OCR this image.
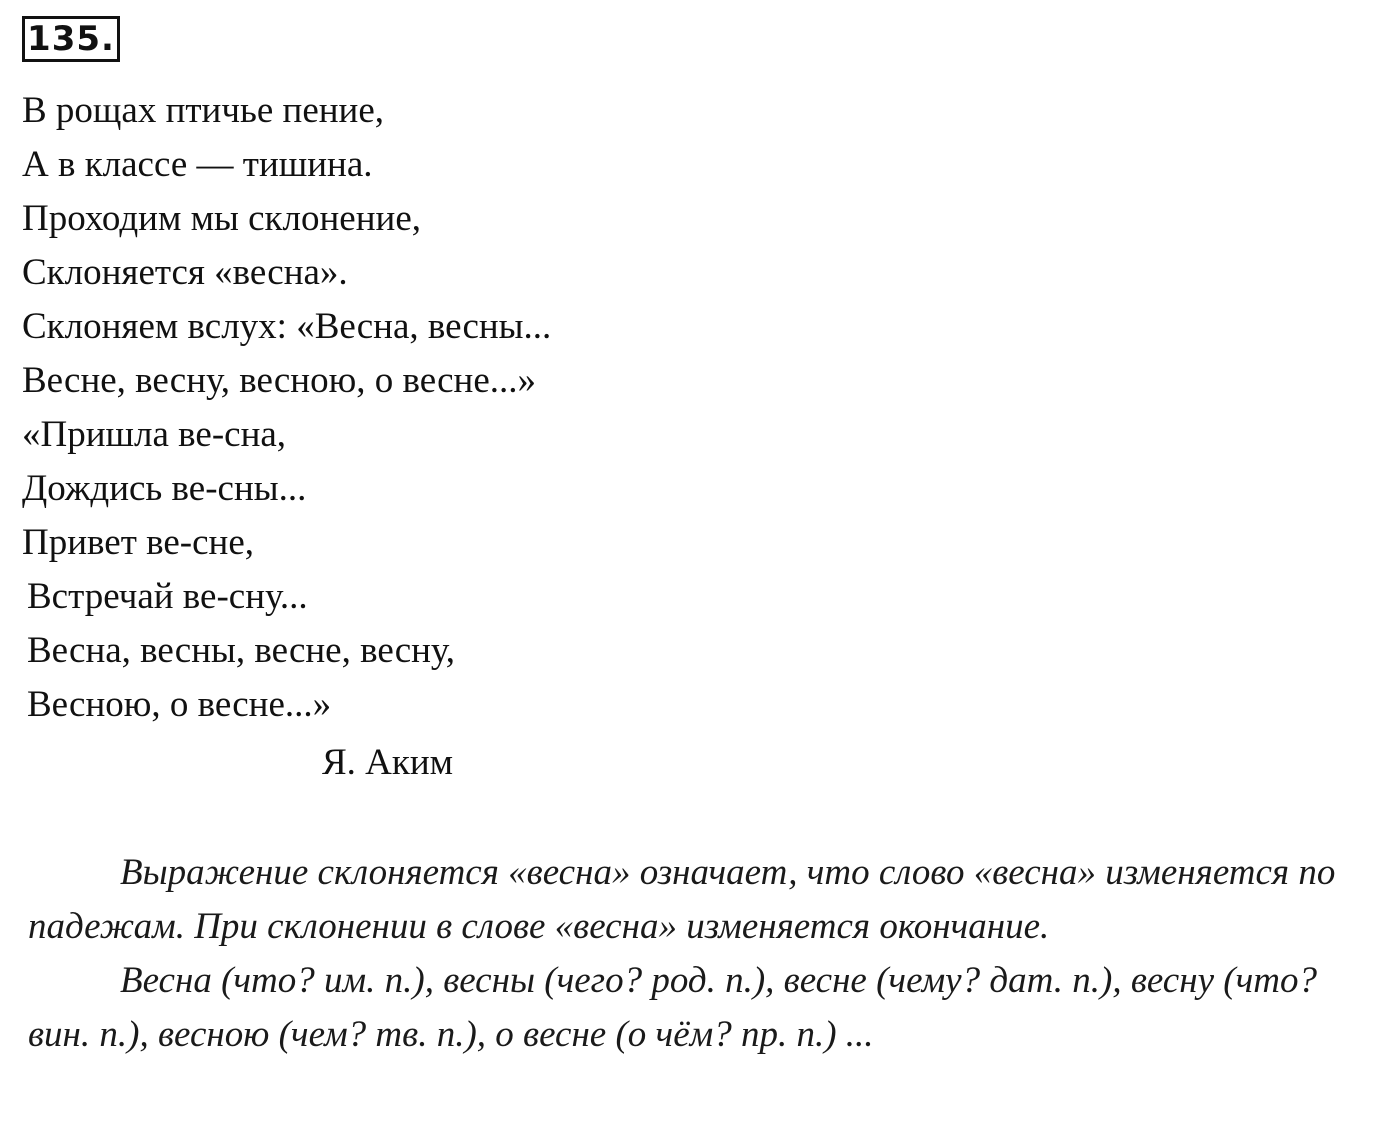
135.
В рощах птичье пение,
А в классе — тишина.
Проходим мы склонение,
Склоняется «весна».
Склоняем вслух: «Весна, весны...
Весне, весну, весною, о весне...»
«Пришла ве-сна,
Дождись ве-сны...
Привет ве-сне,
Встречай ве-сну...
Весна, весны, весне, весну,
Весною, о весне...»
Я. Аким

Выражение склоняется «весна» означает, что слово «весна» изменяется по падежам. При склонении в слове «весна» изменяется окончание.

Весна (что? им. п.), весны (чего? род. п.), весне (чему? дат. п.), весну (что? вин. п.), весною (чем? тв. п.), о весне (о чём? пр. п.) ...
